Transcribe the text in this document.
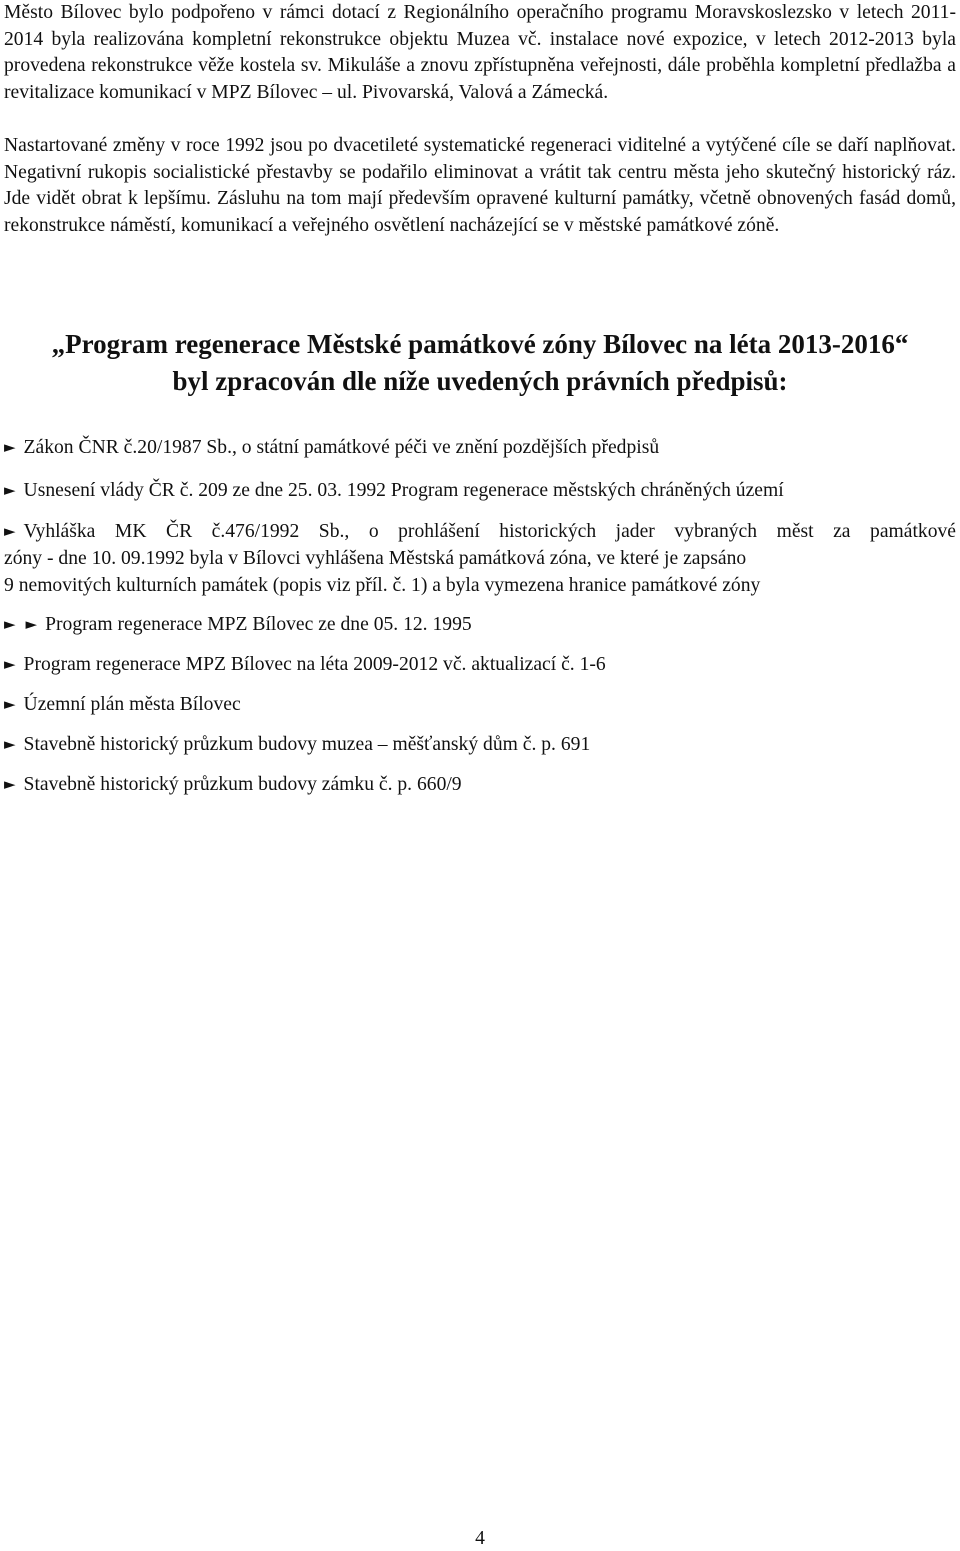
Město Bílovec bylo podpořeno v rámci dotací z Regionálního operačního programu Moravskoslezsko v letech 2011-2014 byla realizována kompletní rekonstrukce objektu Muzea vč. instalace nové expozice, v letech 2012-2013 byla provedena rekonstrukce věže kostela sv. Mikuláše a znovu zpřístupněna veřejnosti, dále proběhla kompletní předlažba a revitalizace komunikací v MPZ Bílovec – ul. Pivovarská, Valová a Zámecká.

Nastartované změny v roce 1992 jsou po dvacetileté systematické regeneraci viditelné a vytýčené cíle se daří naplňovat. Negativní rukopis socialistické přestavby se podařilo eliminovat a vrátit tak centru města jeho skutečný historický ráz. Jde vidět obrat k lepšímu. Zásluhu na tom mají především opravené kulturní památky, včetně obnovených fasád domů, rekonstrukce náměstí, komunikací a veřejného osvětlení nacházející se v městské památkové zóně.

„Program regenerace Městské památkové zóny Bílovec na léta 2013-2016“
byl zpracován dle níže uvedených právních předpisů:
► Zákon ČNR č.20/1987 Sb., o státní památkové péči ve znění pozdějších předpisů
► Usnesení vlády ČR č. 209 ze dne 25. 03. 1992 Program regenerace městských chráněných území
► Vyhláška MK ČR č.476/1992 Sb., o prohlášení historických jader vybraných měst za památkové
zóny - dne 10. 09.1992 byla v Bílovci vyhlášena Městská památková zóna, ve které je zapsáno
9 nemovitých kulturních památek (popis viz příl. č. 1) a byla vymezena hranice památkové zóny
► ► Program regenerace MPZ Bílovec ze dne 05. 12. 1995
► Program regenerace MPZ Bílovec na léta 2009-2012 vč. aktualizací č. 1-6
► Územní plán města Bílovec
► Stavebně historický průzkum budovy muzea – měšťanský dům č. p. 691
► Stavebně historický průzkum budovy zámku č. p. 660/9
4
